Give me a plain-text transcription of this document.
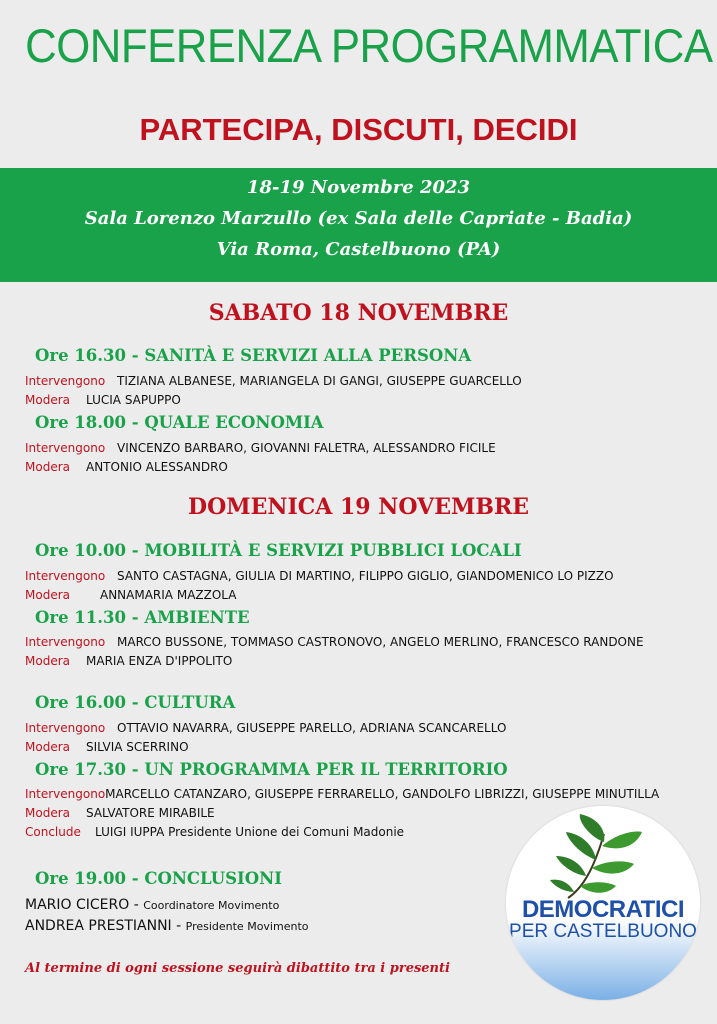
CONFERENZA PROGRAMMATICA
PARTECIPA, DISCUTI, DECIDI
18-19 Novembre 2023
Sala Lorenzo Marzullo (ex Sala delle Capriate - Badia)
Via Roma, Castelbuono (PA)
SABATO 18 NOVEMBRE
Ore 16.30 - SANITÀ E SERVIZI ALLA PERSONA
Intervengono TIZIANA ALBANESE, MARIANGELA DI GANGI, GIUSEPPE GUARCELLO
Modera LUCIA SAPUPPO
Ore 18.00 - QUALE ECONOMIA
Intervengono VINCENZO BARBARO, GIOVANNI FALETRA, ALESSANDRO FICILE
Modera ANTONIO ALESSANDRO
DOMENICA 19 NOVEMBRE
Ore 10.00 - MOBILITÀ E SERVIZI PUBBLICI LOCALI
Intervengono SANTO CASTAGNA, GIULIA DI MARTINO, FILIPPO GIGLIO, GIANDOMENICO LO PIZZO
Modera	ANNAMARIA MAZZOLA
Ore 11.30 - AMBIENTE
Intervengono MARCO BUSSONE, TOMMASO CASTRONOVO, ANGELO MERLINO, FRANCESCO RANDONE
Modera MARIA ENZA D'IPPOLITO
Ore 16.00 - CULTURA
Intervengono OTTAVIO NAVARRA, GIUSEPPE PARELLO, ADRIANA SCANCARELLO
Modera SILVIA SCERRINO
Ore 17.30 - UN PROGRAMMA PER IL TERRITORIO
IntervengonoMARCELLO CATANZARO, GIUSEPPE FERRARELLO, GANDOLFO LIBRIZZI, GIUSEPPE MINUTILLA
Modera SALVATORE MIRABILE
Conclude LUIGI IUPPA Presidente Unione dei Comuni Madonie
Ore 19.00 - CONCLUSIONI
MARIO CICERO - Coordinatore Movimento
ANDREA PRESTIANNI - Presidente Movimento
Al termine di ogni sessione seguirà dibattito tra i presenti
DEMOCRATICI
PER CASTELBUONO
